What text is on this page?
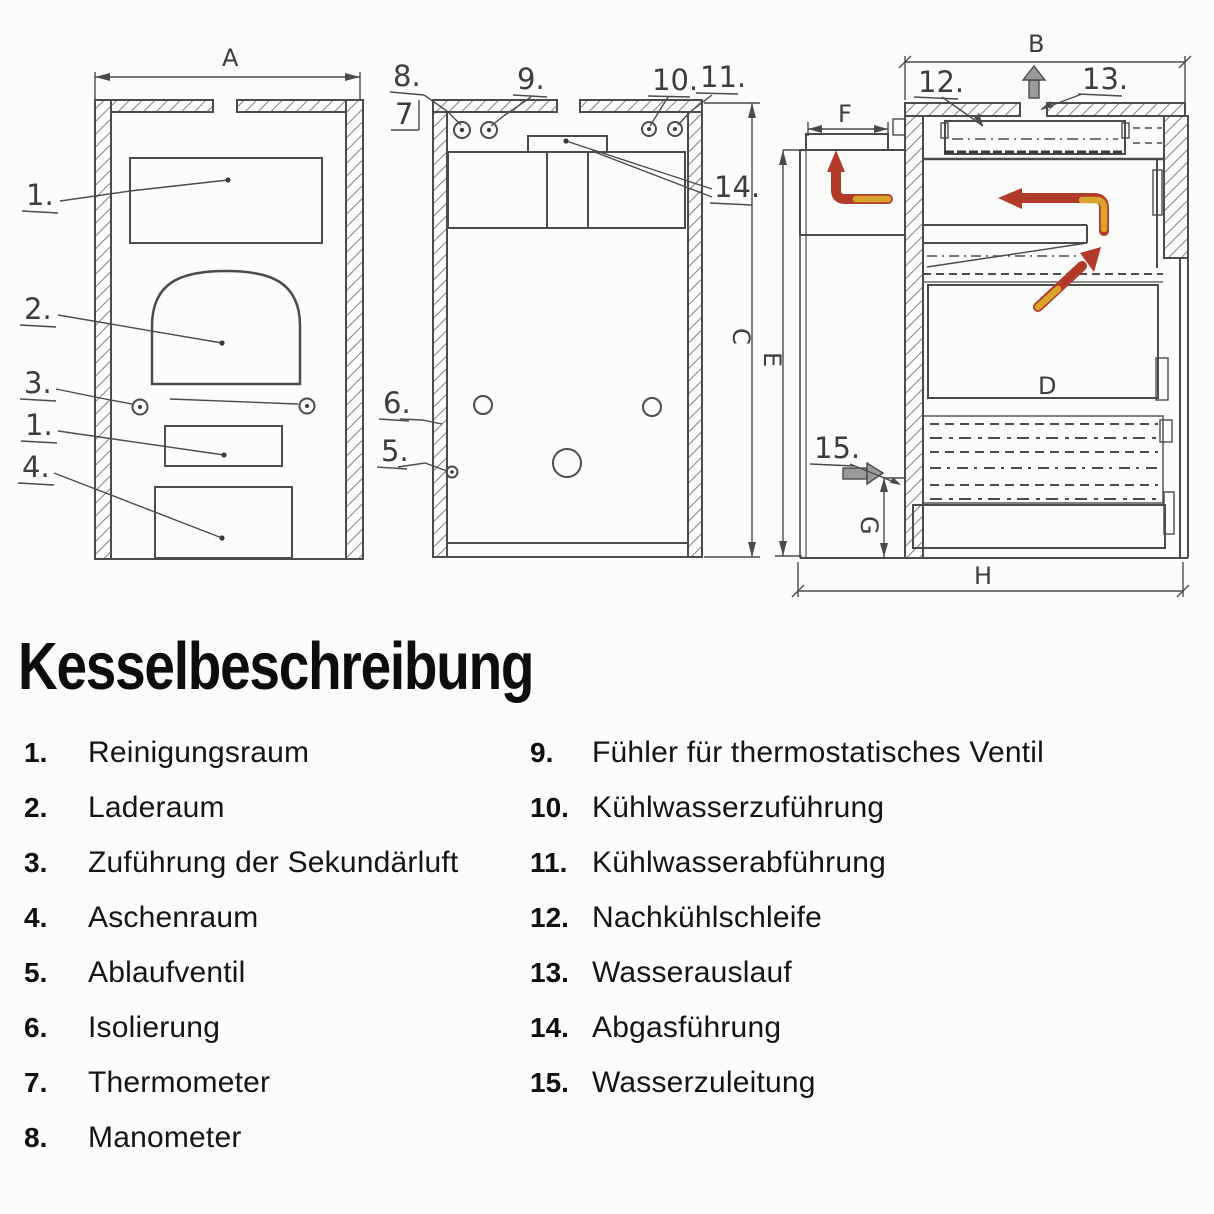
A
1.
2.
3.
1.
4.
8.
7
9.	10. 11.
14.
6.
5.
C
B
D
12.	13.
15.
F
E
G
H
Kesselbeschreibung
1.	Reinigungsraum
2.	Laderaum
3.	Zuführung der Sekundärluft
4.	Aschenraum
5.	Ablaufventil
6.	Isolierung
7.	Thermometer
8.	Manometer
9.	Fühler für thermostatisches Ventil
10. Kühlwasserzuführung
11. Kühlwasserabführung
12. Nachkühlschleife
13. Wasserauslauf
14. Abgasführung
15. Wasserzuleitung
